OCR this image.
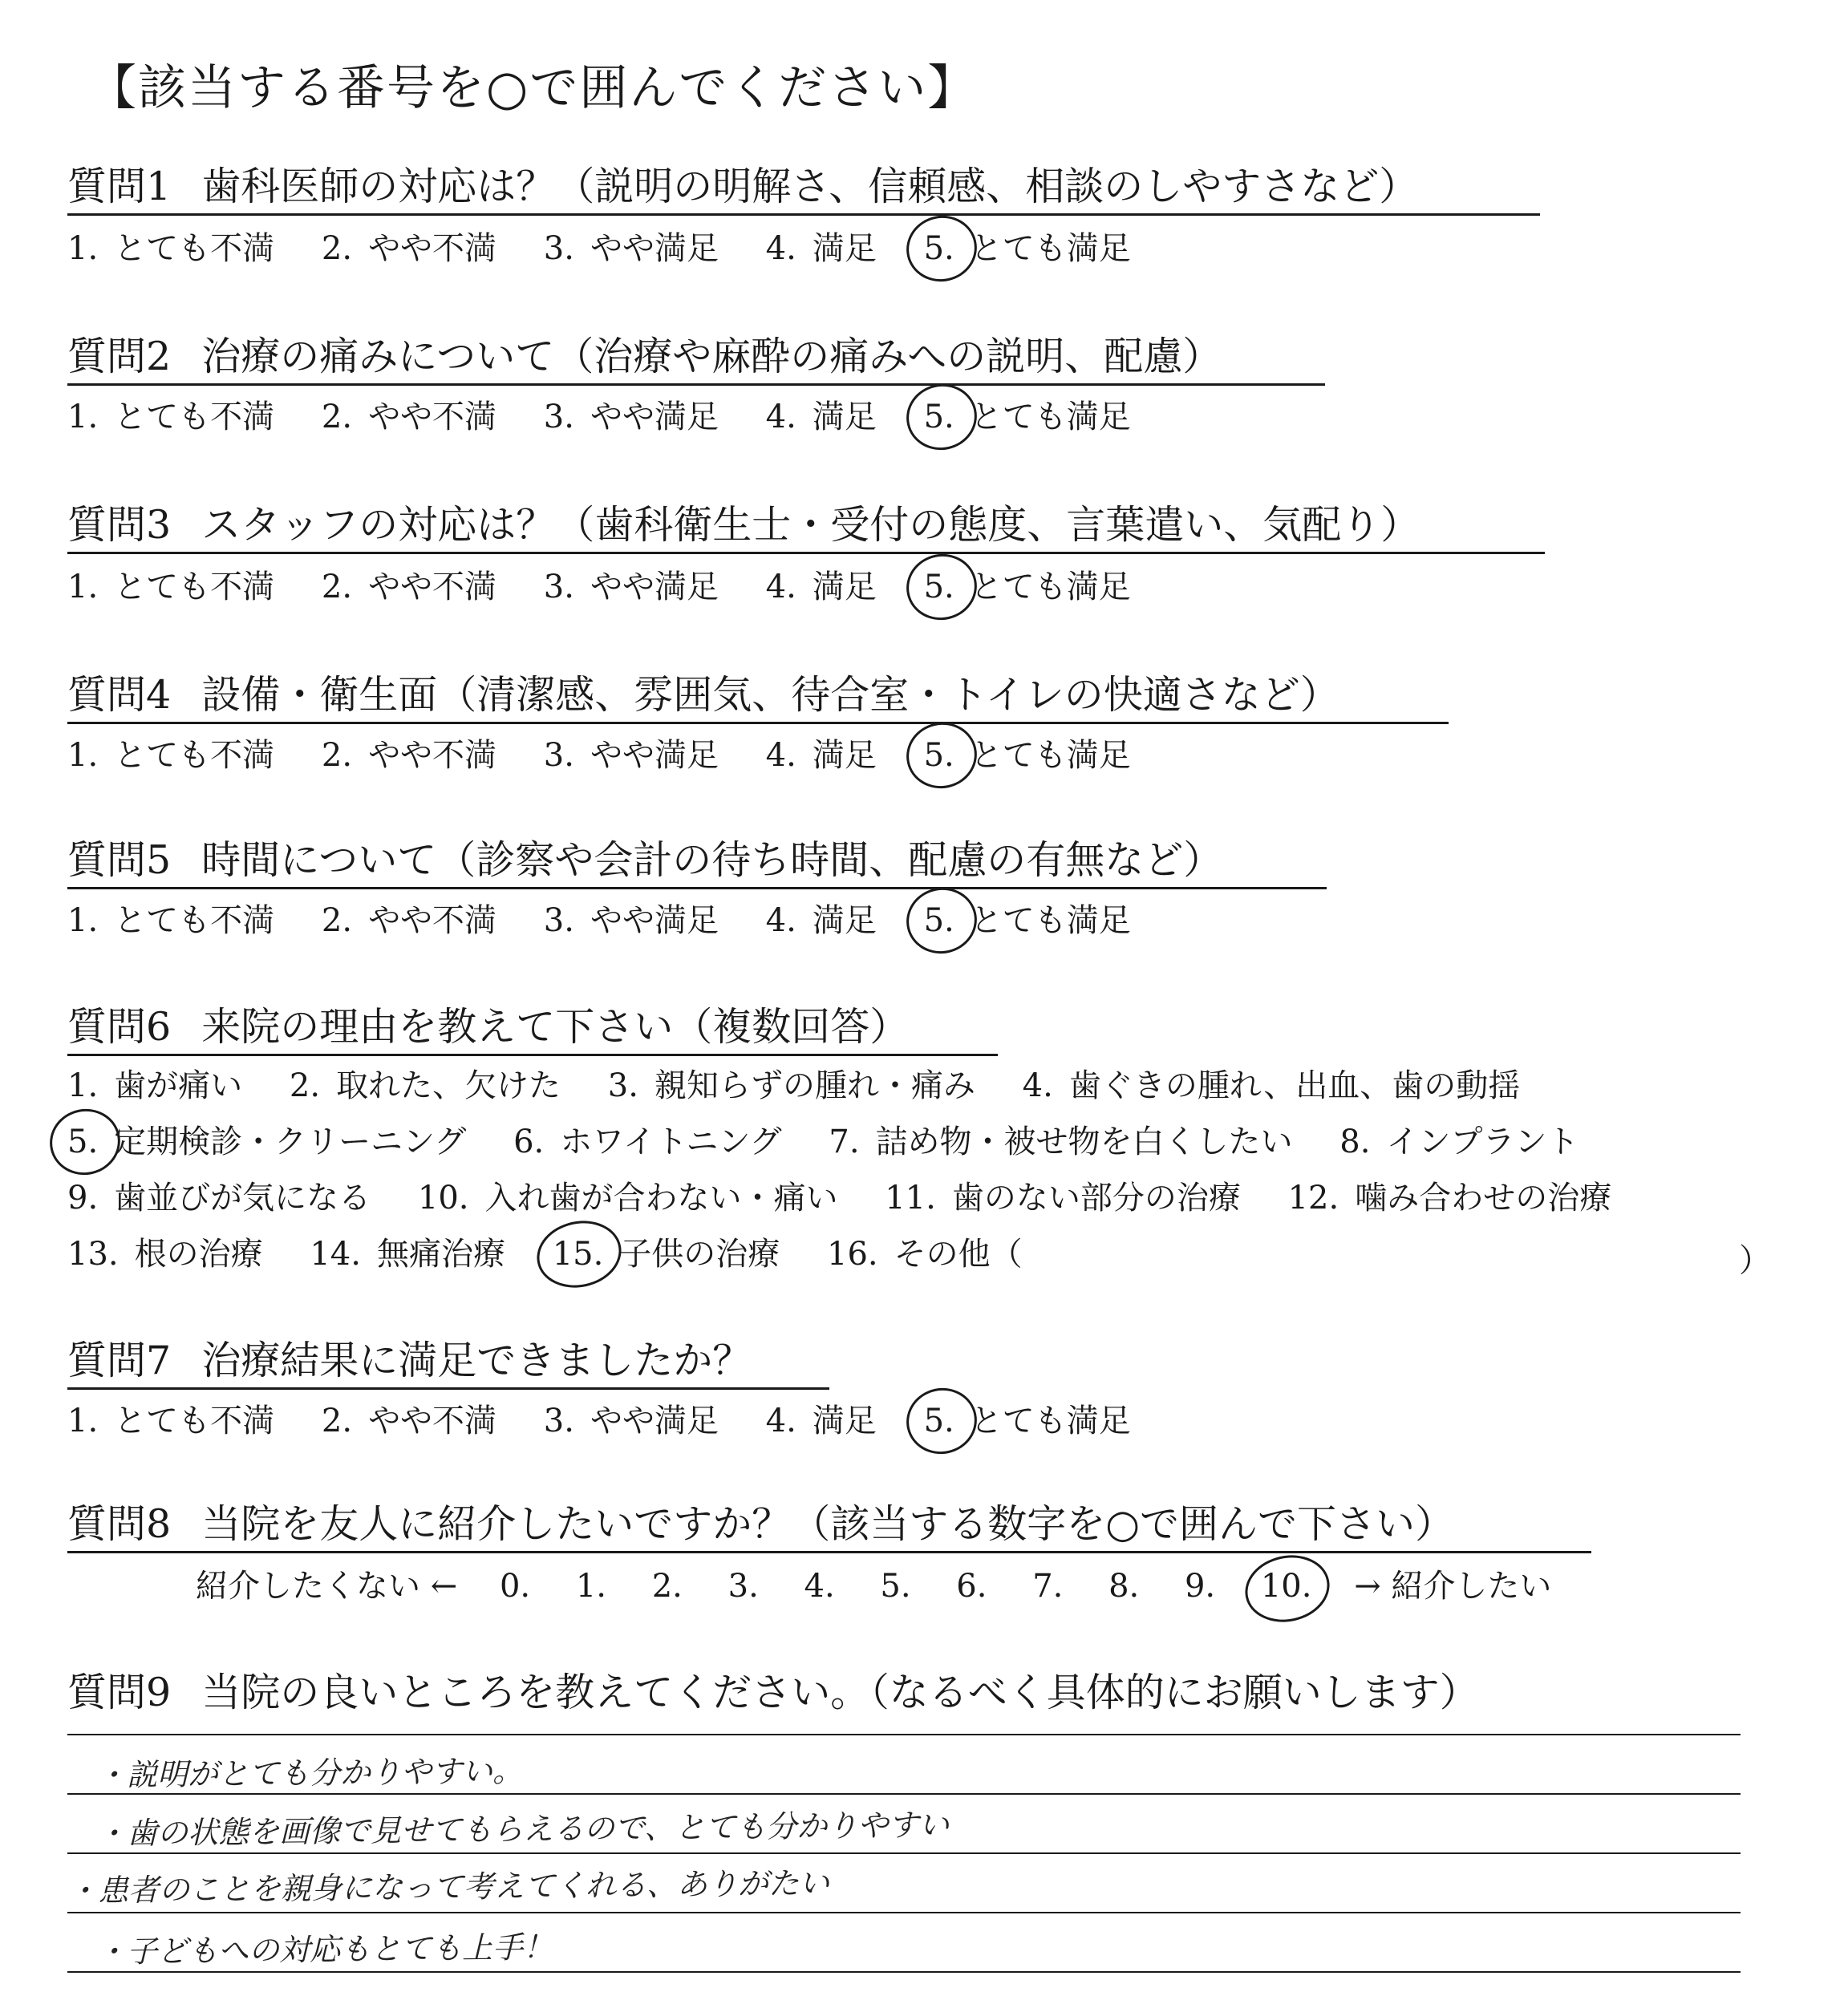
【該当する番号を○で囲んでください】
質問1 歯科医師の対応は？（説明の明解さ、信頼感、相談のしやすさなど）
1. とても不満 2. やや不満 3. やや満足 4. 満足 5. とても満足
質問2 治療の痛みについて（治療や麻酔の痛みへの説明、配慮）
1. とても不満 2. やや不満 3. やや満足 4. 満足 5. とても満足
質問3 スタッフの対応は？（歯科衛生士・受付の態度、言葉遣い、気配り）
1. とても不満 2. やや不満 3. やや満足 4. 満足 5. とても満足
質問4 設備・衛生面（清潔感、雰囲気、待合室・トイレの快適さなど）
1. とても不満 2. やや不満 3. やや満足 4. 満足 5. とても満足
質問5 時間について（診察や会計の待ち時間、配慮の有無など）
1. とても不満 2. やや不満 3. やや満足 4. 満足 5. とても満足
質問6 来院の理由を教えて下さい（複数回答）
1. 歯が痛い 2. 取れた、欠けた 3. 親知らずの腫れ・痛み 4. 歯ぐきの腫れ、出血、歯の動揺
5. 定期検診・クリーニング 6. ホワイトニング 7. 詰め物・被せ物を白くしたい 8. インプラント
9. 歯並びが気になる 10. 入れ歯が合わない・痛い 11. 歯のない部分の治療 12. 噛み合わせの治療
13. 根の治療 14. 無痛治療 15. 子供の治療 16. その他（	）
質問7 治療結果に満足できましたか？
1. とても不満 2. やや不満 3. やや満足 4. 満足 5. とても満足
質問8 当院を友人に紹介したいですか？（該当する数字を○で囲んで下さい）
紹介したくない ← 0. 1. 2. 3. 4. 5. 6. 7. 8. 9. 10. → 紹介したい
質問9 当院の良いところを教えてください。（なるべく具体的にお願いします）
・説明がとても分かりやすい。
・歯の状態を画像で見せてもらえるので、とても分かりやすい
・患者のことを親身になって考えてくれる、ありがたい
・子どもへの対応もとても上手！
